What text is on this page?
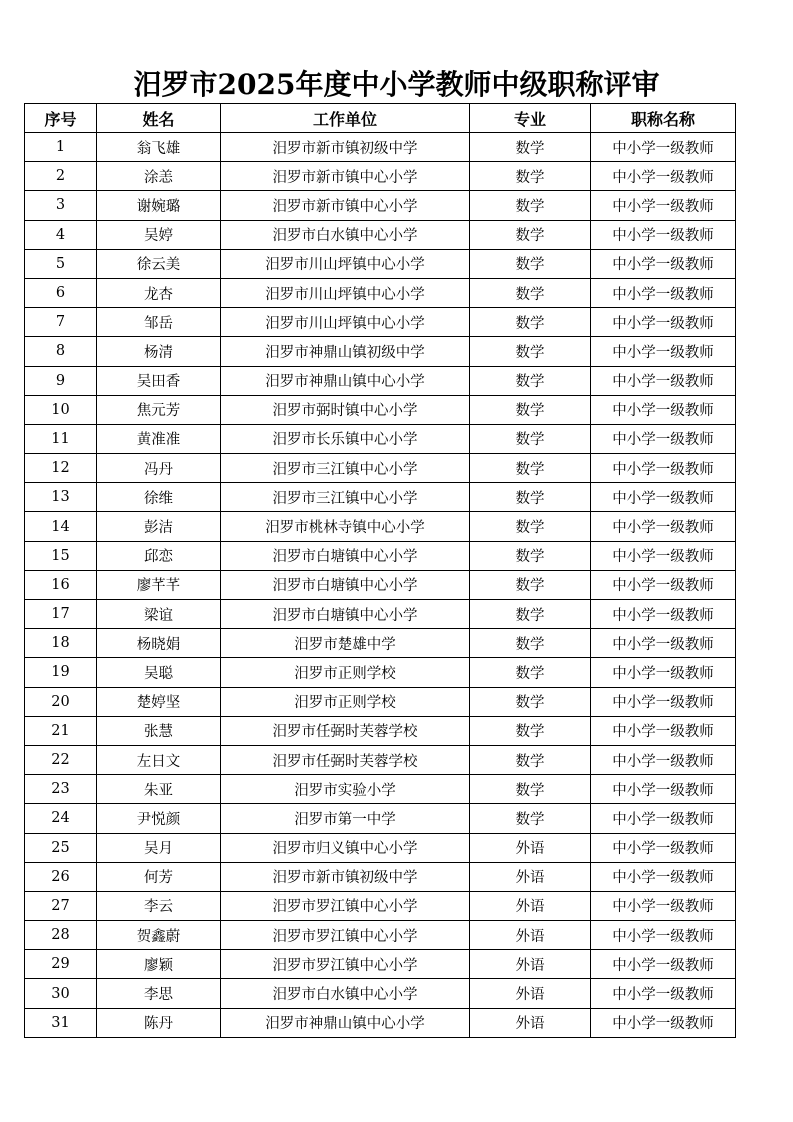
汨罗市2025年度中小学教师中级职称评审
序号	姓名	工作单位	专业	职称名称
1	翁飞雄	汨罗市新市镇初级中学	数学	中小学一级教师
2	涂恙	汨罗市新市镇中心小学	数学	中小学一级教师
3	谢婉璐	汨罗市新市镇中心小学	数学	中小学一级教师
4	吴婷	汨罗市白水镇中心小学	数学	中小学一级教师
5	徐云美	汨罗市川山坪镇中心小学	数学	中小学一级教师
6	龙杏	汨罗市川山坪镇中心小学	数学	中小学一级教师
7	邹岳	汨罗市川山坪镇中心小学	数学	中小学一级教师
8	杨清	汨罗市神鼎山镇初级中学	数学	中小学一级教师
9	吴田香	汨罗市神鼎山镇中心小学	数学	中小学一级教师
10	焦元芳	汨罗市弼时镇中心小学	数学	中小学一级教师
11	黄准准	汨罗市长乐镇中心小学	数学	中小学一级教师
12	冯丹	汨罗市三江镇中心小学	数学	中小学一级教师
13	徐维	汨罗市三江镇中心小学	数学	中小学一级教师
14	彭洁	汨罗市桃林寺镇中心小学	数学	中小学一级教师
15	邱恋	汨罗市白塘镇中心小学	数学	中小学一级教师
16	廖芊芊	汨罗市白塘镇中心小学	数学	中小学一级教师
17	梁谊	汨罗市白塘镇中心小学	数学	中小学一级教师
18	杨晓娟	汨罗市楚雄中学	数学	中小学一级教师
19	吴聪	汨罗市正则学校	数学	中小学一级教师
20	楚婷坚	汨罗市正则学校	数学	中小学一级教师
21	张慧	汨罗市任弼时芙蓉学校	数学	中小学一级教师
22	左日文	汨罗市任弼时芙蓉学校	数学	中小学一级教师
23	朱亚	汨罗市实验小学	数学	中小学一级教师
24	尹悦颜	汨罗市第一中学	数学	中小学一级教师
25	吴月	汨罗市归义镇中心小学	外语	中小学一级教师
26	何芳	汨罗市新市镇初级中学	外语	中小学一级教师
27	李云	汨罗市罗江镇中心小学	外语	中小学一级教师
28	贺鑫蔚	汨罗市罗江镇中心小学	外语	中小学一级教师
29	廖颖	汨罗市罗江镇中心小学	外语	中小学一级教师
30	李思	汨罗市白水镇中心小学	外语	中小学一级教师
31	陈丹	汨罗市神鼎山镇中心小学	外语	中小学一级教师
